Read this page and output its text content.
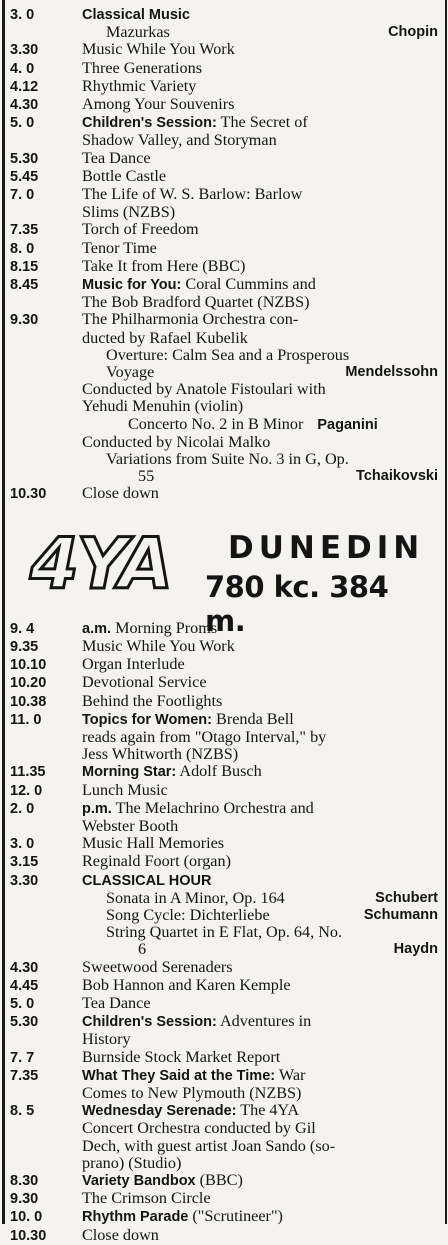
3. 0	Classical Music
Mazurkas	Chopin
3.30	Music While You Work
4. 0	Three Generations
4.12	Rhythmic Variety
4.30	Among Your Souvenirs
5. 0	Children's Session: The Secret of
Shadow Valley, and Storyman
5.30	Tea Dance
5.45	Bottle Castle
7. 0	The Life of W. S. Barlow: Barlow
Slims (NZBS)
7.35	Torch of Freedom
8. 0	Tenor Time
8.15	Take It from Here (BBC)
8.45	Music for You: Coral Cummins and
The Bob Bradford Quartet (NZBS)
9.30	The Philharmonia Orchestra con-
ducted by Rafael Kubelik
Overture: Calm Sea and a Prosperous
Voyage	Mendelssohn
Conducted by Anatole Fistoulari with
Yehudi Menuhin (violin)
Concerto No. 2 in B Minor Paganini
Conducted by Nicolai Malko
Variations from Suite No. 3 in G, Op.
55	Tchaikovski
10.30 Close down
4YA DUNEDIN
780 kc. 384 m.
9. 4	a.m. Morning Proms
9.35	Music While You Work
10.10 Organ Interlude
10.20 Devotional Service
10.38 Behind the Footlights
11. 0	Topics for Women: Brenda Bell
reads again from "Otago Interval," by
Jess Whitworth (NZBS)
11.35	Morning Star: Adolf Busch
12. 0 Lunch Music
2. 0	p.m. The Melachrino Orchestra and
Webster Booth
3. 0	Music Hall Memories
3.15	Reginald Foort (organ)
3.30	CLASSICAL HOUR
Sonata in A Minor, Op. 164	Schubert
Song Cycle: Dichterliebe	Schumann
String Quartet in E Flat, Op. 64, No.
6	Haydn
4.30	Sweetwood Serenaders
4.45	Bob Hannon and Karen Kemple
5. 0	Tea Dance
5.30	Children's Session: Adventures in
History
7. 7	Burnside Stock Market Report
7.35	What They Said at the Time: War
Comes to New Plymouth (NZBS)
8. 5	Wednesday Serenade: The 4YA
Concert Orchestra conducted by Gil
Dech, with guest artist Joan Sando (so-
prano) (Studio)
8.30	Variety Bandbox (BBC)
9.30	The Crimson Circle
10. 0	Rhythm Parade ("Scrutineer")
10.30 Close down
